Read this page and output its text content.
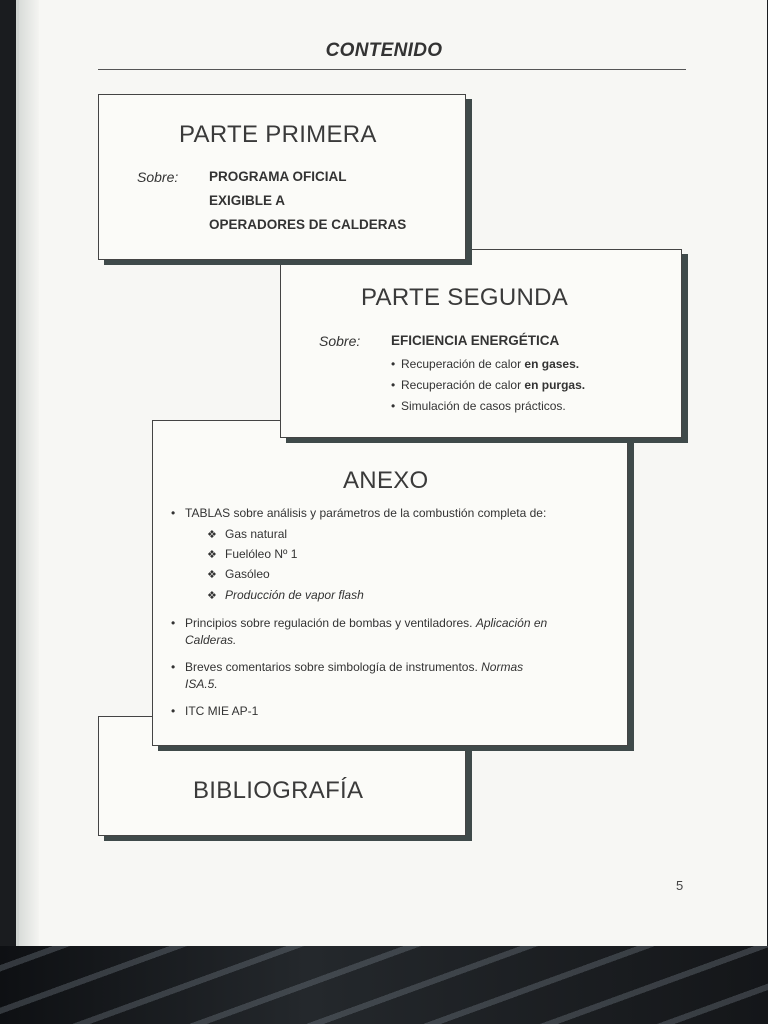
CONTENIDO
BIBLIOGRAFÍA
ANEXO
• TABLAS sobre análisis y parámetros de la combustión completa de:
❖ Gas natural
❖ Fuelóleo Nº 1
❖ Gasóleo
❖ Producción de vapor flash
• Principios sobre regulación de bombas y ventiladores. Aplicación en
Calderas.
• Breves comentarios sobre simbología de instrumentos. Normas
ISA.5.
• ITC MIE AP-1
PARTE SEGUNDA
Sobre: EFICIENCIA ENERGÉTICA
• Recuperación de calor en gases.
• Recuperación de calor en purgas.
• Simulación de casos prácticos.
PARTE PRIMERA
Sobre: PROGRAMA OFICIAL
EXIGIBLE A
OPERADORES DE CALDERAS
5
